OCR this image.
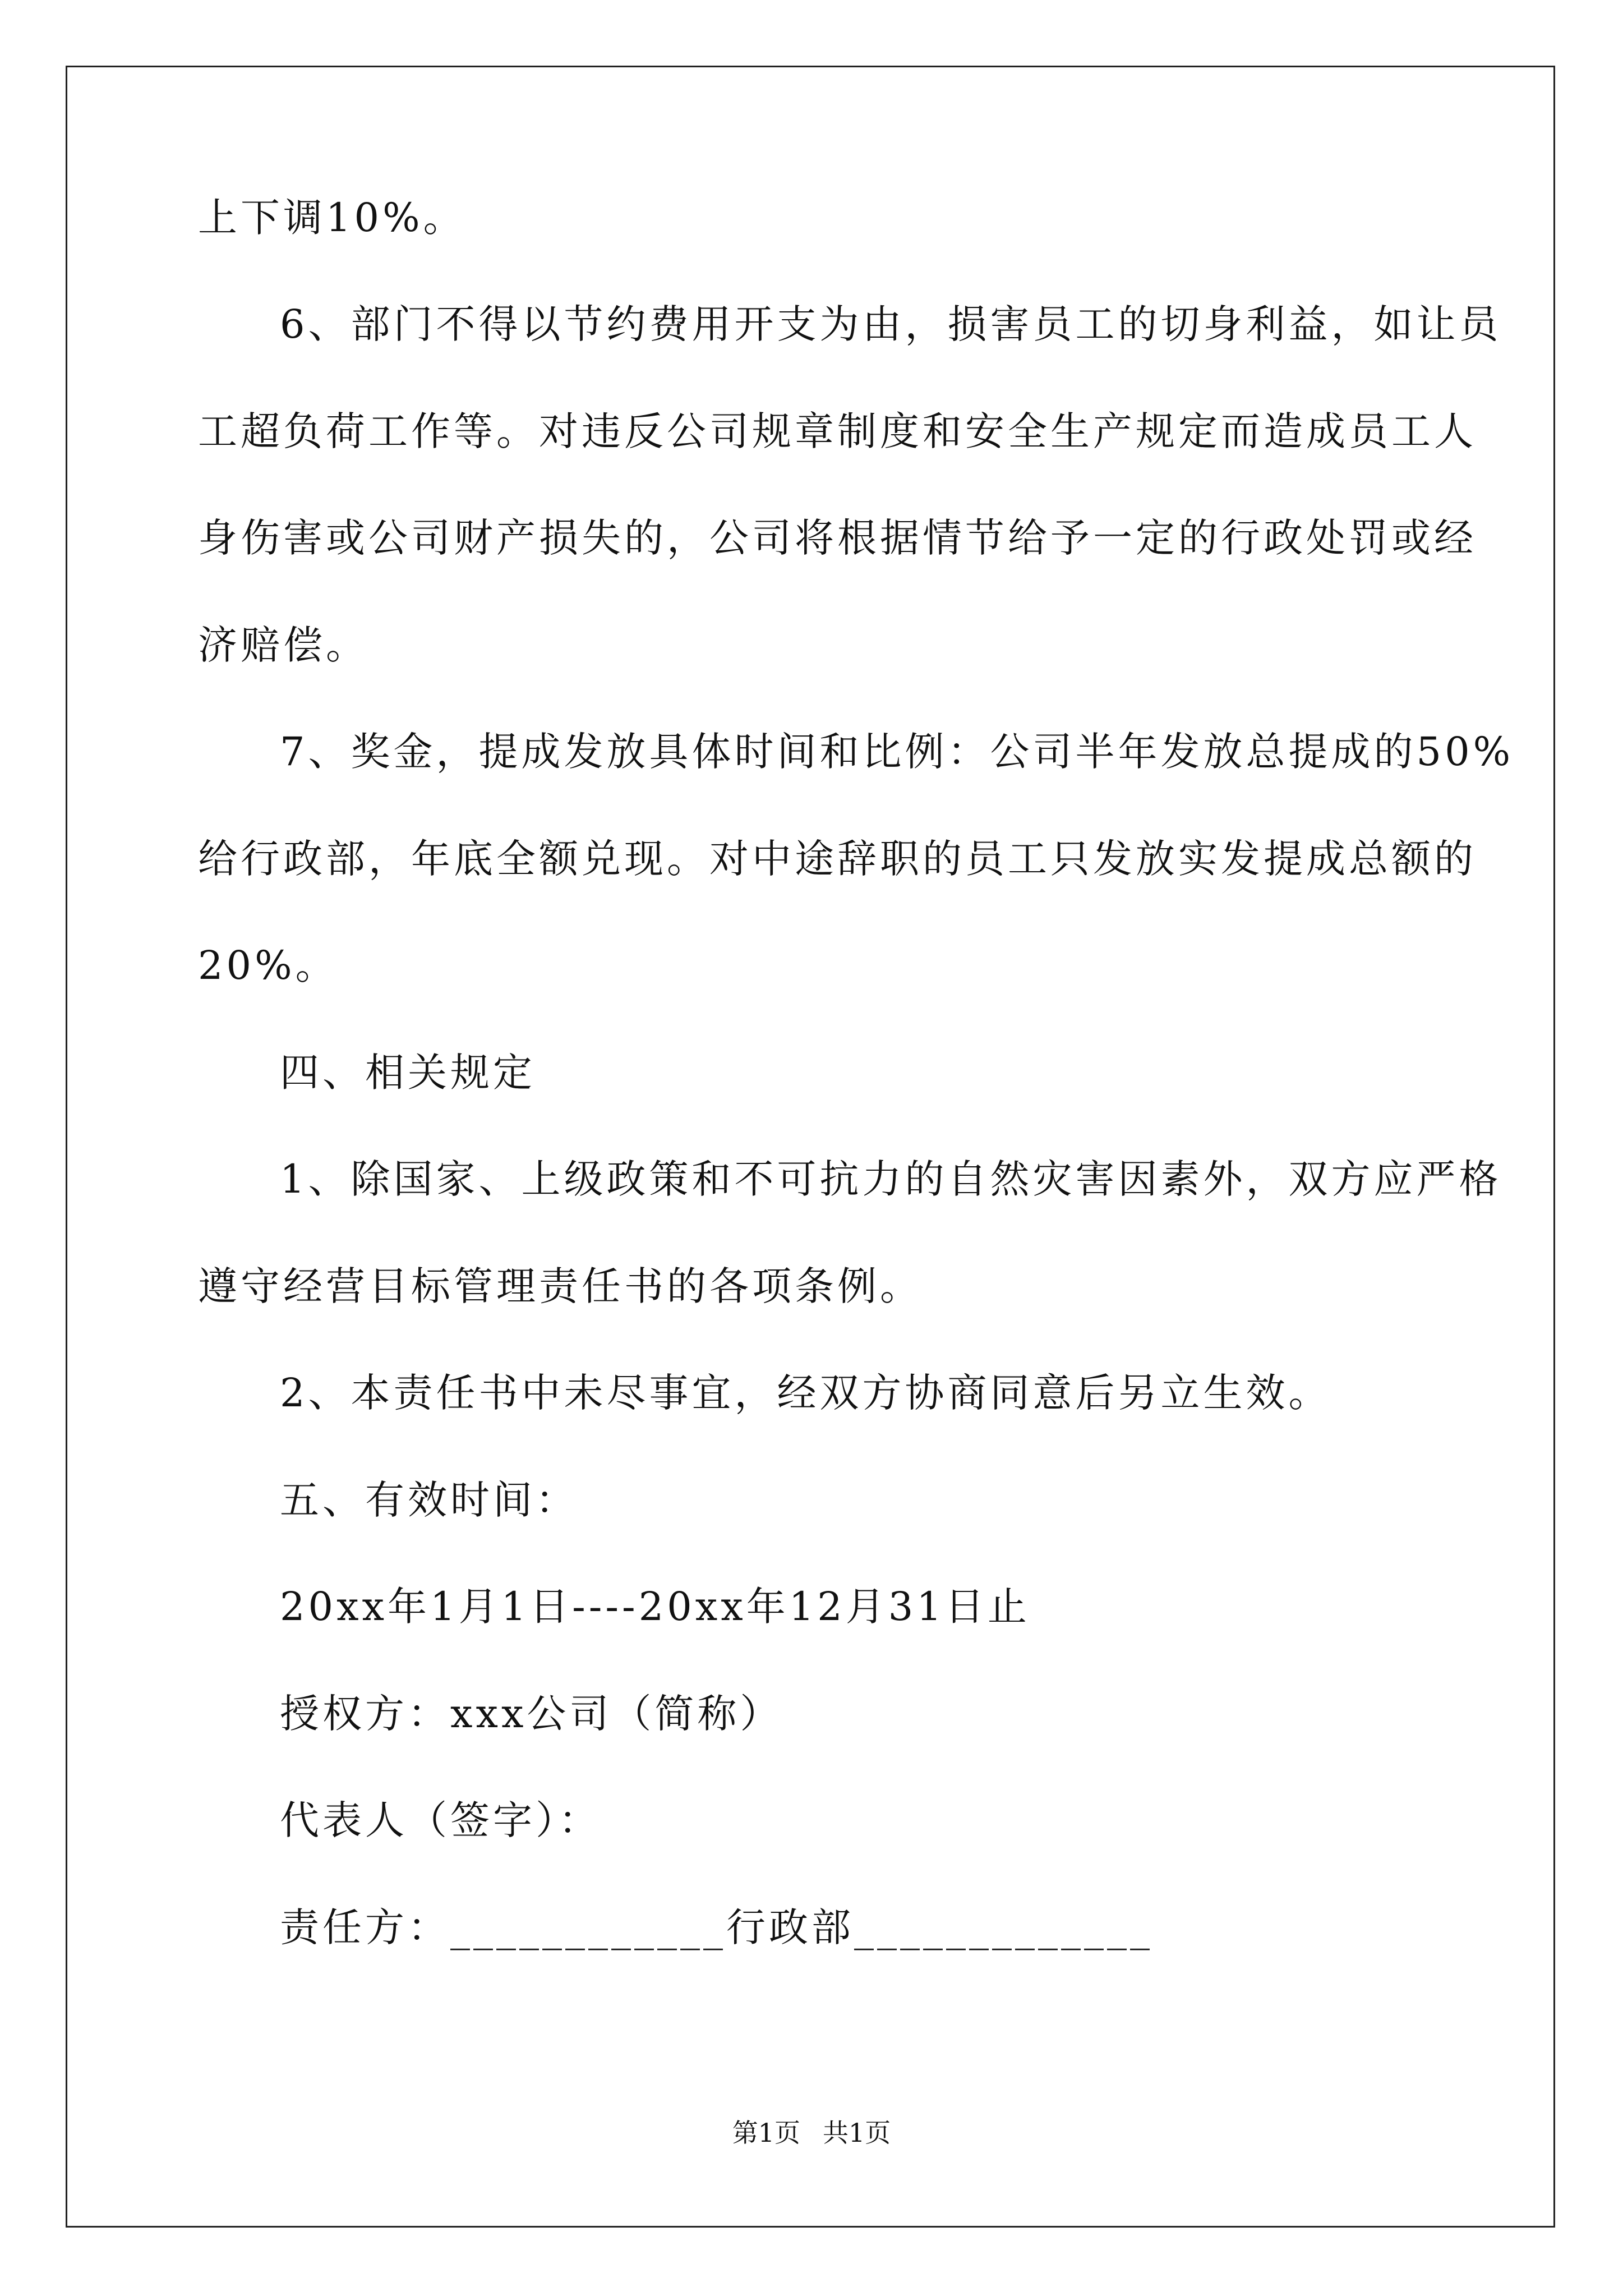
上下调10%。
6、部门不得以节约费用开支为由，损害员工的切身利益，如让员
工超负荷工作等。对违反公司规章制度和安全生产规定而造成员工人
身伤害或公司财产损失的，公司将根据情节给予一定的行政处罚或经
济赔偿。
7、奖金，提成发放具体时间和比例：公司半年发放总提成的50%
给行政部，年底全额兑现。对中途辞职的员工只发放实发提成总额的
20%。
四、相关规定
1、除国家、上级政策和不可抗力的自然灾害因素外，双方应严格
遵守经营目标管理责任书的各项条例。
2、本责任书中未尽事宜，经双方协商同意后另立生效。
五、有效时间：
20xx年1月1日----20xx年12月31日止
授权方：xxx公司（简称）
代表人（签字）：
责任方：____________行政部_____________
第1页 共1页
